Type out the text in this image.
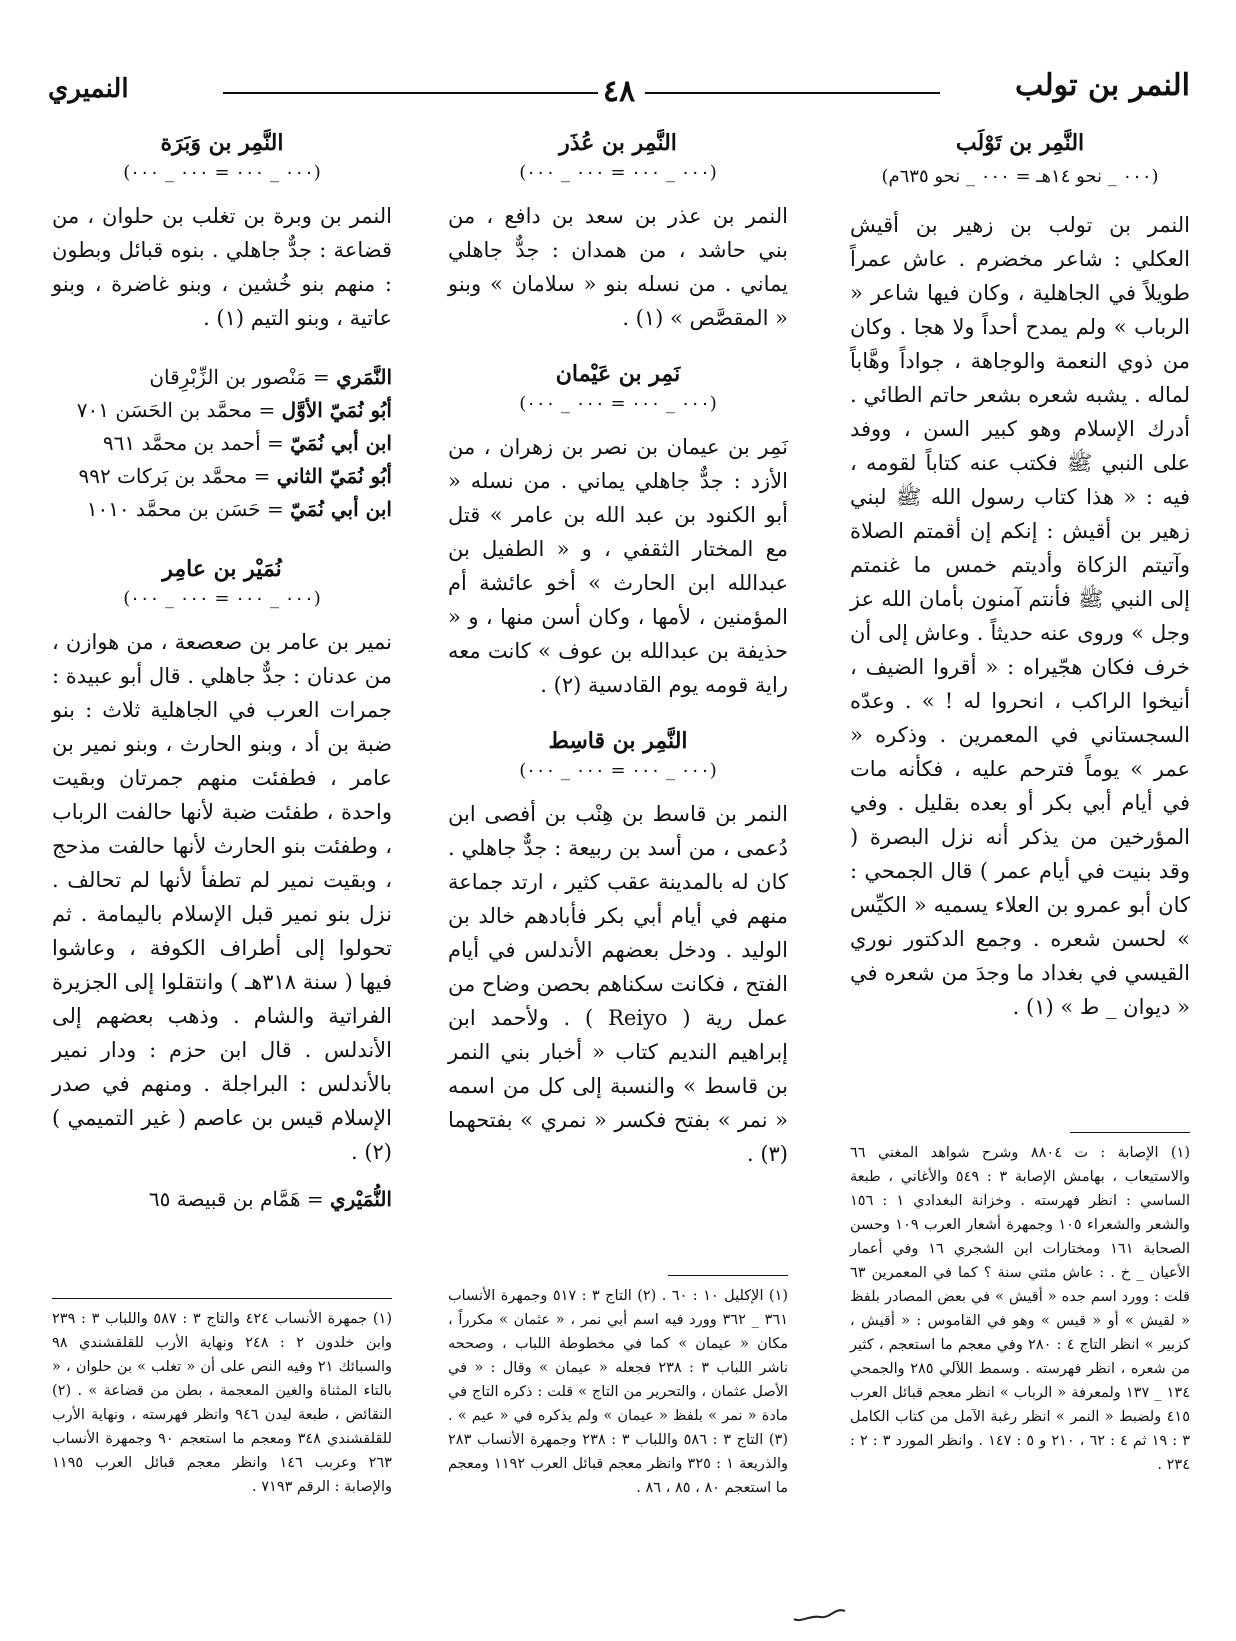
النمر بن تولب
٤٨
النميري
النَّمِر بن تَوْلَب
(٠٠٠ _ نحو ١٤هـ = ٠٠٠ _ نحو ٦٣٥م)

النمر بن تولب بن زهير بن أقيش العكلي : شاعر مخضرم . عاش عمراً طويلاً في الجاهلية ، وكان فيها شاعر « الرباب » ولم يمدح أحداً ولا هجا . وكان من ذوي النعمة والوجاهة ، جواداً وهَّاباً لماله . يشبه شعره بشعر حاتم الطائي . أدرك الإسلام وهو كبير السن ، ووفد على النبي ﷺ فكتب عنه كتاباً لقومه ، فيه : « هذا كتاب رسول الله ﷺ لبني زهير بن أقيش : إنكم إن أقمتم الصلاة وآتيتم الزكاة وأديتم خمس ما غنمتم إلى النبي ﷺ فأنتم آمنون بأمان الله عز وجل » وروى عنه حديثاً . وعاش إلى أن خرف فكان هجّيراه : « أقروا الضيف ، أنيخوا الراكب ، انحروا له ! » . وعدّه السجستاني في المعمرين . وذكره « عمر » يوماً فترحم عليه ، فكأنه مات في أيام أبي بكر أو بعده بقليل . وفي المؤرخين من يذكر أنه نزل البصرة ( وقد بنيت في أيام عمر ) قال الجمحي : كان أبو عمرو بن العلاء يسميه « الكيِّس » لحسن شعره . وجمع الدكتور نوري القيسي في بغداد ما وجدَ من شعره في « ديوان _ ط » (١) .

(١) الإصابة : ت ٨٨٠٤ وشرح شواهد المغني ٦٦ والاستيعاب ، بهامش الإصابة ٣ : ٥٤٩ والأغاني ، طبعة الساسي : انظر فهرسته . وخزانة البغدادي ١ : ١٥٦ والشعر والشعراء ١٠٥ وجمهرة أشعار العرب ١٠٩ وحسن الصحابة ١٦١ ومختارات ابن الشجري ١٦ وفي أعمار الأعيان _ خ . : عاش مئتي سنة ؟ كما في المعمرين ٦٣ قلت : وورد اسم جده « أقيش » في بعض المصادر بلفظ « لقيش » أو « قيس » وهو في القاموس : « أقيش ، كزبير » انظر التاج ٤ : ٢٨٠ وفي معجم ما استعجم ، كثير من شعره ، انظر فهرسته . وسمط اللآلي ٢٨٥ والجمحي ١٣٤ _ ١٣٧ ولمعرفة « الرباب » انظر معجم قبائل العرب ٤١٥ ولضبط « النمر » انظر رغبة الآمل من كتاب الكامل ٣ : ١٩ ثم ٤ : ٦٢ ، ٢١٠ و ٥ : ١٤٧ . وانظر المورد ٣ : ٢ : ٢٣٤ .

النَّمِر بن عُذَر
(٠٠٠ _ ٠٠٠ = ٠٠٠ _ ٠٠٠)

النمر بن عذر بن سعد بن دافع ، من بني حاشد ، من همدان : جدٌّ جاهلي يماني . من نسله بنو « سلامان » وبنو « المقصَّص » (١) .

نَمِر بن عَيْمان
(٠٠٠ _ ٠٠٠ = ٠٠٠ _ ٠٠٠)

نَمِر بن عيمان بن نصر بن زهران ، من الأزد : جدٌّ جاهلي يماني . من نسله « أبو الكنود بن عبد الله بن عامر » قتل مع المختار الثقفي ، و « الطفيل بن عبدالله ابن الحارث » أخو عائشة أم المؤمنين ، لأمها ، وكان أسن منها ، و « حذيفة بن عبدالله بن عوف » كانت معه راية قومه يوم القادسية (٢) .

النَّمِر بن قاسِط
(٠٠٠ _ ٠٠٠ = ٠٠٠ _ ٠٠٠)

النمر بن قاسط بن هِنْب بن أفصى ابن دُعمى ، من أسد بن ربيعة : جدٌّ جاهلي . كان له بالمدينة عقب كثير ، ارتد جماعة منهم في أيام أبي بكر فأبادهم خالد بن الوليد . ودخل بعضهم الأندلس في أيام الفتح ، فكانت سكناهم بحصن وضاح من عمل رية ( Reiyo ) . ولأحمد ابن إبراهيم النديم كتاب « أخبار بني النمر بن قاسط » والنسبة إلى كل من اسمه « نمر » بفتح فكسر « نمري » بفتحهما (٣) .

(١) الإكليل ١٠ : ٦٠ . (٢) التاج ٣ : ٥١٧ وجمهرة الأنساب ٣٦١ _ ٣٦٢ وورد فيه اسم أبي نمر ، « عثمان » مكرراً ، مكان « عيمان » كما في مخطوطة اللباب ، وصححه ناشر اللباب ٣ : ٢٣٨ فجعله « عيمان » وقال : « في الأصل عثمان ، والتحرير من التاج » قلت : ذكره التاج في مادة « نمر » بلفظ « عيمان » ولم يذكره في « عيم » . (٣) التاج ٣ : ٥٨٦ واللباب ٣ : ٢٣٨ وجمهرة الأنساب ٢٨٣ والذريعة ١ : ٣٢٥ وانظر معجم قبائل العرب ١١٩٢ ومعجم ما استعجم ٨٠ ، ٨٥ ، ٨٦ .

النَّمِر بن وَبَرَة
(٠٠٠ _ ٠٠٠ = ٠٠٠ _ ٠٠٠)

النمر بن وبرة بن تغلب بن حلوان ، من قضاعة : جدٌّ جاهلي . بنوه قبائل وبطون : منهم بنو خُشين ، وبنو غاضرة ، وبنو عاتية ، وبنو التيم (١) .

النَّمَري = مَنْصور بن الزِّبْرِقان

أبُو نُمَيّ الأوَّل = محمَّد بن الحَسَن ٧٠١

ابن أبي نُمَيّ = أحمد بن محمَّد ٩٦١

أبُو نُمَيّ الثاني = محمَّد بن بَركات ٩٩٢

ابن أبي نُمَيّ = حَسَن بن محمَّد ١٠١٠

نُمَيْر بن عامِر
(٠٠٠ _ ٠٠٠ = ٠٠٠ _ ٠٠٠)

نمير بن عامر بن صعصعة ، من هوازن ، من عدنان : جدٌّ جاهلي . قال أبو عبيدة : جمرات العرب في الجاهلية ثلاث : بنو ضبة بن أد ، وبنو الحارث ، وبنو نمير بن عامر ، فطفئت منهم جمرتان وبقيت واحدة ، طفئت ضبة لأنها حالفت الرباب ، وطفئت بنو الحارث لأنها حالفت مذحج ، وبقيت نمير لم تطفأ لأنها لم تحالف . نزل بنو نمير قبل الإسلام باليمامة . ثم تحولوا إلى أطراف الكوفة ، وعاشوا فيها ( سنة ٣١٨هـ ) وانتقلوا إلى الجزيرة الفراتية والشام . وذهب بعضهم إلى الأندلس . قال ابن حزم : ودار نمير بالأندلس : البراجلة . ومنهم في صدر الإسلام قيس بن عاصم ( غير التميمي ) (٢) .

النُّمَيْري = هَمَّام بن قبيصة ٦٥

(١) جمهرة الأنساب ٤٢٤ والتاج ٣ : ٥٨٧ واللباب ٣ : ٢٣٩ وابن خلدون ٢ : ٢٤٨ ونهاية الأرب للقلقشندي ٩٨ والسبائك ٢١ وفيه النص على أن « تغلب » بن حلوان ، « بالتاء المثناة والغين المعجمة ، بطن من قضاعة » . (٢) النقائض ، طبعة ليدن ٩٤٦ وانظر فهرسته ، ونهاية الأرب للقلقشندي ٣٤٨ ومعجم ما استعجم ٩٠ وجمهرة الأنساب ٢٦٣ وعربب ١٤٦ وانظر معجم قبائل العرب ١١٩٥ والإصابة : الرقم ٧١٩٣ .
